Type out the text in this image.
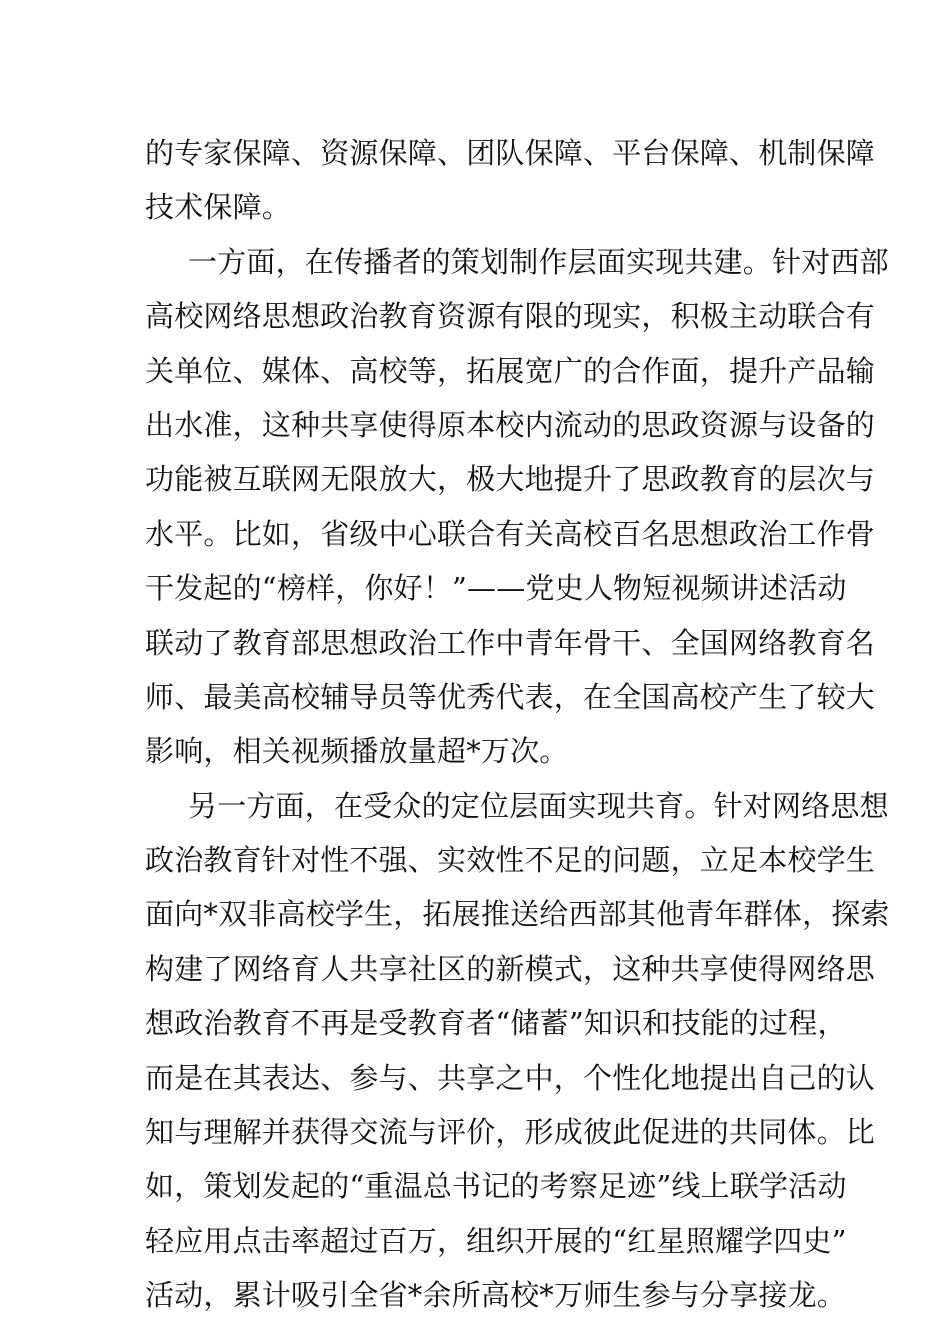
的专家保障、资源保障、团队保障、平台保障、机制保障
技术保障。
一方面，在传播者的策划制作层面实现共建。针对西部
高校网络思想政治教育资源有限的现实，积极主动联合有
关单位、媒体、高校等，拓展宽广的合作面，提升产品输
出水准，这种共享使得原本校内流动的思政资源与设备的
功能被互联网无限放大，极大地提升了思政教育的层次与
水平。比如，省级中心联合有关高校百名思想政治工作骨
干发起的“榜样，你好！”——党史人物短视频讲述活动
联动了教育部思想政治工作中青年骨干、全国网络教育名
师、最美高校辅导员等优秀代表，在全国高校产生了较大
影响，相关视频播放量超*万次。
另一方面，在受众的定位层面实现共育。针对网络思想
政治教育针对性不强、实效性不足的问题，立足本校学生
面向*双非高校学生，拓展推送给西部其他青年群体，探索
构建了网络育人共享社区的新模式，这种共享使得网络思
想政治教育不再是受教育者“储蓄”知识和技能的过程，
而是在其表达、参与、共享之中，个性化地提出自己的认
知与理解并获得交流与评价，形成彼此促进的共同体。比
如，策划发起的“重温总书记的考察足迹”线上联学活动
轻应用点击率超过百万，组织开展的“红星照耀学四史”
活动，累计吸引全省*余所高校*万师生参与分享接龙。
